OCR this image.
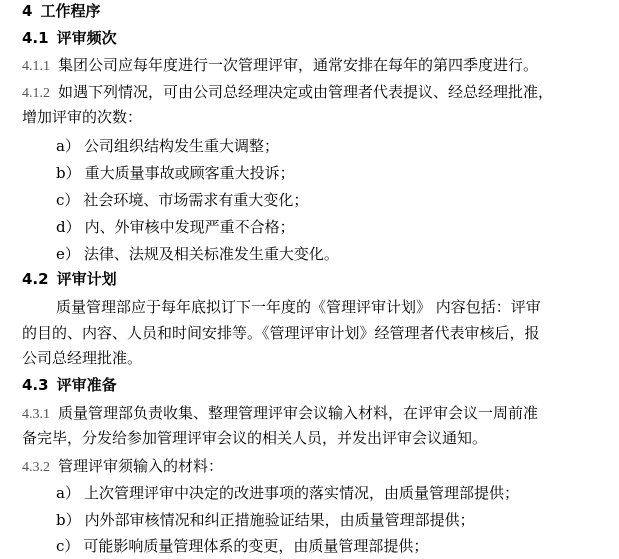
4 工作程序
4.1 评审频次
4.1.1 集团公司应每年度进行一次管理评审，通常安排在每年的第四季度进行。
4.1.2 如遇下列情况，可由公司总经理决定或由管理者代表提议、经总经理批准，
增加评审的次数：
a） 公司组织结构发生重大调整；
b） 重大质量事故或顾客重大投诉；
c） 社会环境、市场需求有重大变化；
d） 内、外审核中发现严重不合格；
e） 法律、法规及相关标准发生重大变化。
4.2 评审计划
质量管理部应于每年底拟订下一年度的《管理评审计划》 内容包括：评审
的目的、内容、人员和时间安排等。《管理评审计划》经管理者代表审核后，报
公司总经理批准。
4.3 评审准备
4.3.1 质量管理部负责收集、整理管理评审会议输入材料，在评审会议一周前准
备完毕，分发给参加管理评审会议的相关人员，并发出评审会议通知。
4.3.2 管理评审须输入的材料：
a） 上次管理评审中决定的改进事项的落实情况，由质量管理部提供；
b） 内外部审核情况和纠正措施验证结果，由质量管理部提供；
c） 可能影响质量管理体系的变更，由质量管理部提供；
